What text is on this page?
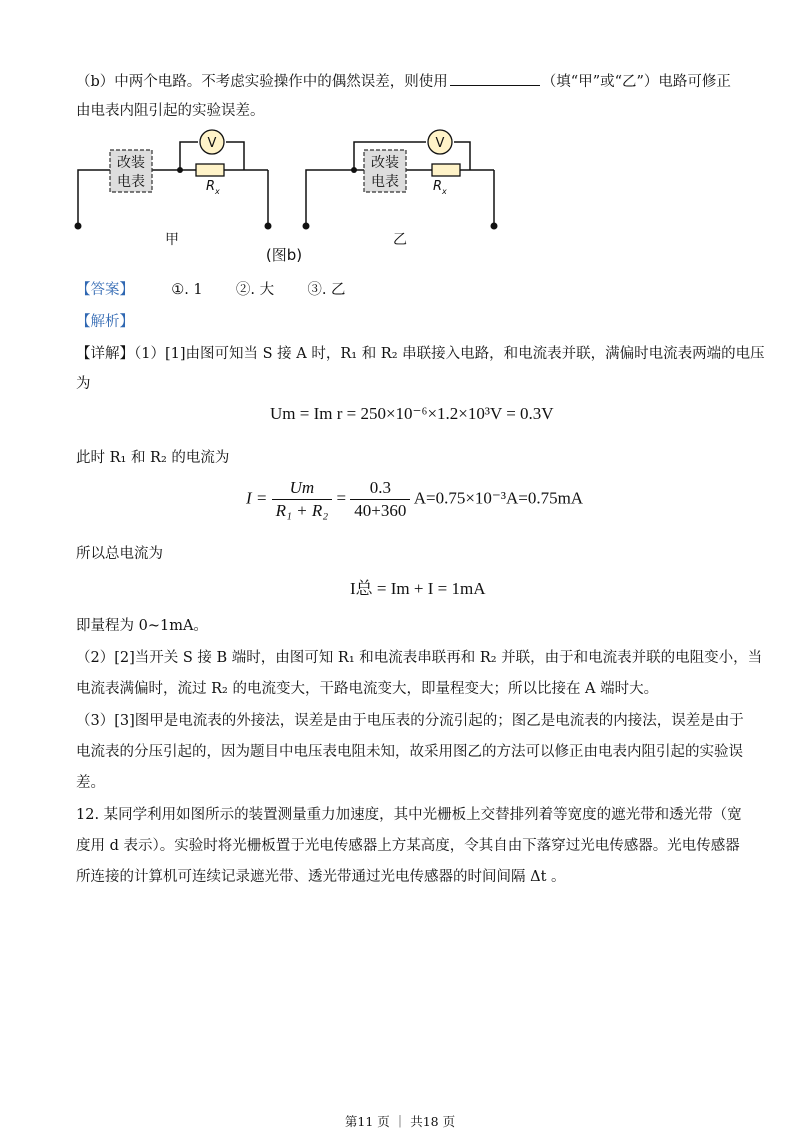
（b）中两个电路。不考虑实验操作中的偶然误差，则使用	（填“甲”或“乙”）电路可修正
由电表内阻引起的实验误差。
改装
电表
V
$R_x$
甲
改装
电表
V
$R_x$
乙
(图b)
【答案】	①. 1 ②. 大 ③. 乙
【解析】
【详解】（1）[1]由图可知当 S 接 A 时，R₁ 和 R₂ 串联接入电路，和电流表并联，满偏时电流表两端的电压
为
Um = Im r = 250×10⁻⁶×1.2×10³V = 0.3V
此时 R₁ 和 R₂ 的电流为
$I = \frac{Um}{\text{R₁ + R₂}} = \frac{0.3}{40+360} A=0.75\times 10^{-3}A=0.75mA$
所以总电流为
I总 = Im + I = 1mA
即量程为 0~1mA。
（2）[2]当开关 S 接 B 端时，由图可知 R₁ 和电流表串联再和 R₂ 并联，由于和电流表并联的电阻变小，当
电流表满偏时，流过 R₂ 的电流变大，干路电流变大，即量程变大；所以比接在 A 端时大。
（3）[3]图甲是电流表的外接法，误差是由于电压表的分流引起的；图乙是电流表的内接法，误差是由于
电流表的分压引起的，因为题目中电压表电阻未知，故采用图乙的方法可以修正由电表内阻引起的实验误
差。
12. 某同学利用如图所示的装置测量重力加速度，其中光栅板上交替排列着等宽度的遮光带和透光带（宽
度用 d 表示）。实验时将光栅板置于光电传感器上方某高度，令其自由下落穿过光电传感器。光电传感器
所连接的计算机可连续记录遮光带、透光带通过光电传感器的时间间隔 Δt 。
第11 页 ｜ 共18 页
